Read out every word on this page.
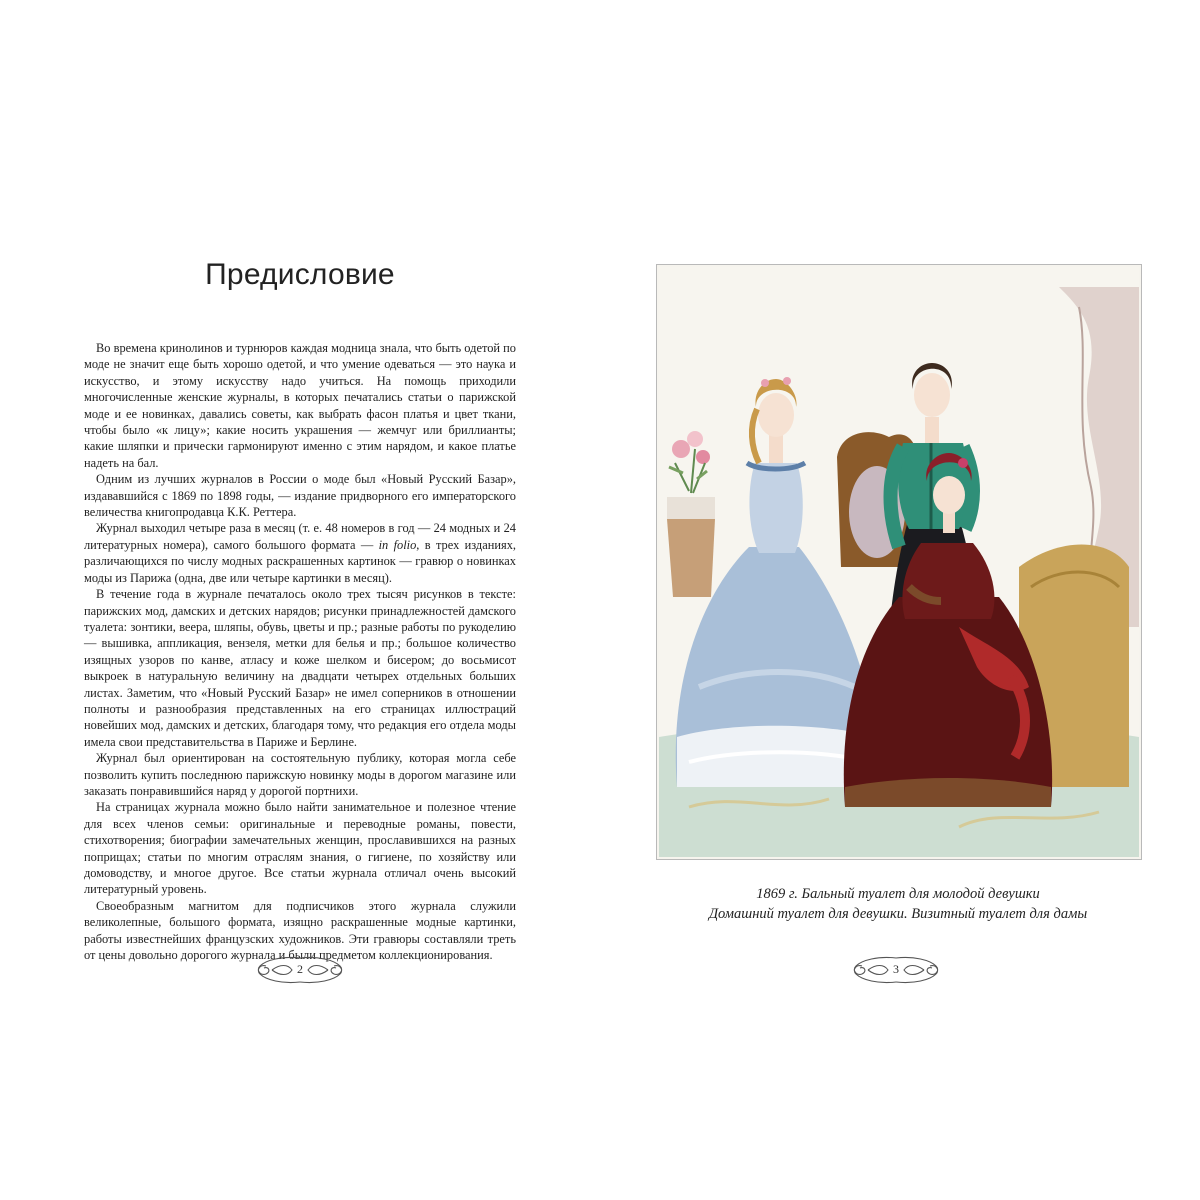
Предисловие

Во времена кринолинов и турнюров каждая модница знала, что быть одетой по моде не значит еще быть хорошо одетой, и что умение одеваться — это наука и искусство, и этому искусству надо учиться. На помощь приходили многочисленные женские журналы, в которых печатались статьи о парижской моде и ее новинках, давались советы, как выбрать фасон платья и цвет ткани, чтобы было «к лицу»; какие носить украшения — жемчуг или бриллианты; какие шляпки и прически гармонируют именно с этим нарядом, и какое платье надеть на бал.

Одним из лучших журналов в России о моде был «Новый Русский Базар», издававшийся с 1869 по 1898 годы, — издание придворного его императорского величества книгопродавца К.К. Реттера.

Журнал выходил четыре раза в месяц (т. е. 48 номеров в год — 24 модных и 24 литературных номера), самого большого формата — in folio, в трех изданиях, различающихся по числу модных раскрашенных картинок — гравюр о новинках моды из Парижа (одна, две или четыре картинки в месяц).

В течение года в журнале печаталось около трех тысяч рисунков в тексте: парижских мод, дамских и детских нарядов; рисунки принадлежностей дамского туалета: зонтики, веера, шляпы, обувь, цветы и пр.; разные работы по рукоделию — вышивка, аппликация, вензеля, метки для белья и пр.; большое количество изящных узоров по канве, атласу и коже шелком и бисером; до восьмисот выкроек в натуральную величину на двадцати четырех отдельных больших листах. Заметим, что «Новый Русский Базар» не имел соперников в отношении полноты и разнообразия представленных на его страницах иллюстраций новейших мод, дамских и детских, благодаря тому, что редакция его отдела моды имела свои представительства в Париже и Берлине.

Журнал был ориентирован на состоятельную публику, которая могла себе позволить купить последнюю парижскую новинку моды в дорогом магазине или заказать понравившийся наряд у дорогой портнихи.

На страницах журнала можно было найти занимательное и полезное чтение для всех членов семьи: оригинальные и переводные романы, повести, стихотворения; биографии замечательных женщин, прославившихся на разных поприщах; статьи по многим отраслям знания, о гигиене, по хозяйству или домоводству, и многое другое. Все статьи журнала отличал очень высокий литературный уровень.

Своеобразным магнитом для подписчиков этого журнала служили великолепные, большого формата, изящно раскрашенные модные картинки, работы известнейших французских художников. Эти гравюры составляли треть от цены довольно дорогого журнала и были предметом коллекционирования.

2
1869 г. Бальный туалет для молодой девушки
Домашний туалет для девушки. Визитный туалет для дамы
3
